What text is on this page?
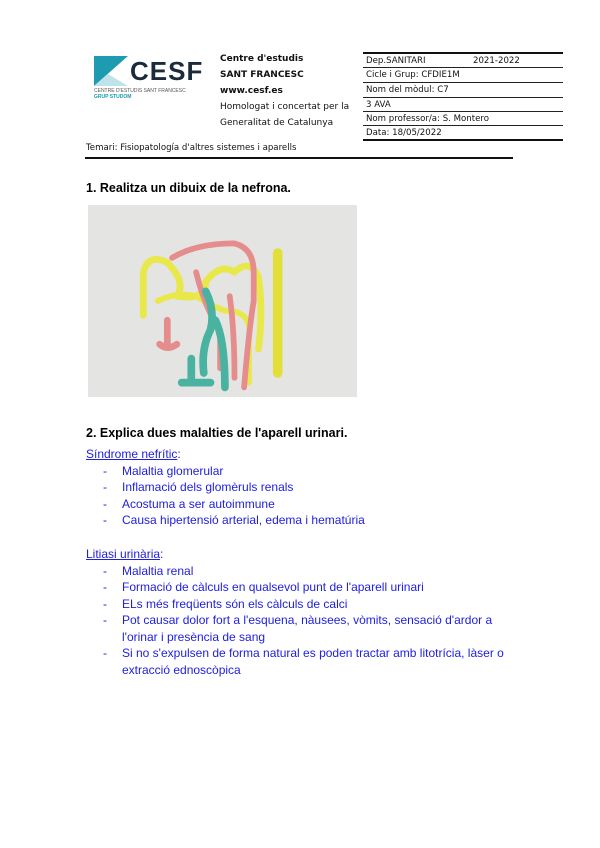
CESF
CENTRE D'ESTUDIS SANT FRANCESC
GRUP STUDOM
Centre d'estudis
SANT FRANCESC
www.cesf.es
Homologat i concertat per la
Generalitat de Catalunya
Dep.SANITARI	2021-2022
Cicle i Grup: CFDIE1M
Nom del mòdul: C7
3 AVA
Nom professor/a: S. Montero
Data: 18/05/2022
Temari: Fisiopatología d'altres sistemes i aparells
1. Realitza un dibuix de la nefrona.
2. Explica dues malalties de l'aparell urinari.
Síndrome nefrític:
- Malaltia glomerular
- Inflamació dels glomèruls renals
- Acostuma a ser autoimmune
- Causa hipertensió arterial, edema i hematúria
Litiasi urinària:
- Malaltia renal
- Formació de càlculs en qualsevol punt de l'aparell urinari
- ELs més freqüents són els càlculs de calci
- Pot causar dolor fort a l'esquena, nàusees, vòmits, sensació d'ardor a l'orinar i presència de sang
- Si no s'expulsen de forma natural es poden tractar amb litotrícia, làser o extracció ednoscòpica
